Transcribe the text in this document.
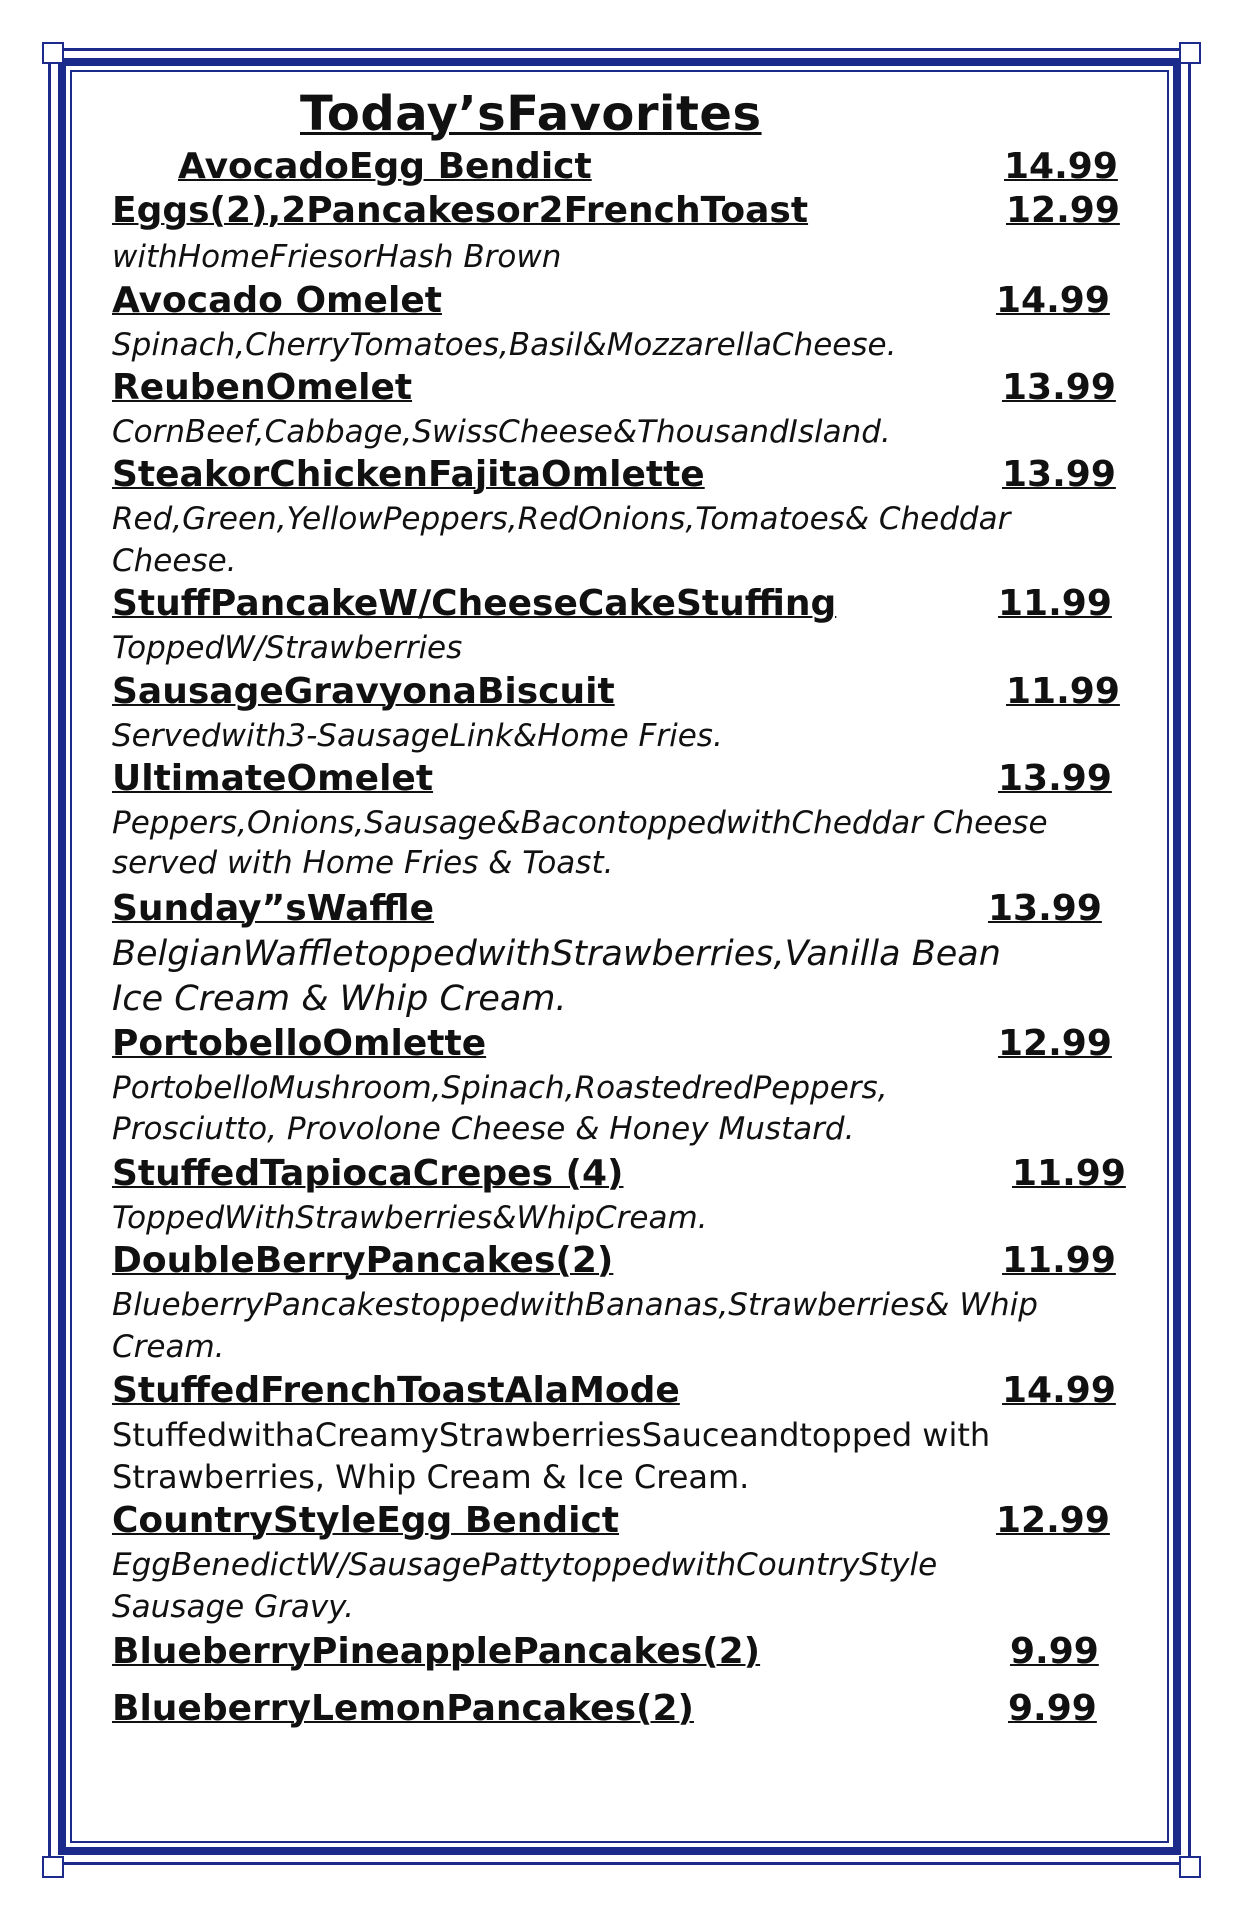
Today’sFavorites
AvocadoEgg Bendict	14.99
Eggs(2),2Pancakesor2FrenchToast	12.99
withHomeFriesorHash Brown
Avocado Omelet	14.99
Spinach,CherryTomatoes,Basil&MozzarellaCheese.
ReubenOmelet	13.99
CornBeef,Cabbage,SwissCheese&ThousandIsland.
SteakorChickenFajitaOmlette	13.99
Red,Green,YellowPeppers,RedOnions,Tomatoes& Cheddar
Cheese.
StuffPancakeW/CheeseCakeStuffing	11.99
ToppedW/Strawberries
SausageGravyonaBiscuit	11.99
Servedwith3-SausageLink&Home Fries.
UltimateOmelet	13.99
Peppers,Onions,Sausage&BacontoppedwithCheddar Cheese
served with Home Fries & Toast.
Sunday”sWaffle	13.99
BelgianWaffletoppedwithStrawberries,Vanilla Bean
Ice Cream & Whip Cream.
PortobelloOmlette	12.99
PortobelloMushroom,Spinach,RoastedredPeppers,
Prosciutto, Provolone Cheese & Honey Mustard.
StuffedTapiocaCrepes (4)	11.99
ToppedWithStrawberries&WhipCream.
DoubleBerryPancakes(2)	11.99
BlueberryPancakestoppedwithBananas,Strawberries& Whip
Cream.
StuffedFrenchToastAlaMode	14.99
StuffedwithaCreamyStrawberriesSauceandtopped with
Strawberries, Whip Cream & Ice Cream.
CountryStyleEgg Bendict	12.99
EggBenedictW/SausagePattytoppedwithCountryStyle
Sausage Gravy.
BlueberryPineapplePancakes(2)	9.99
BlueberryLemonPancakes(2)	9.99
